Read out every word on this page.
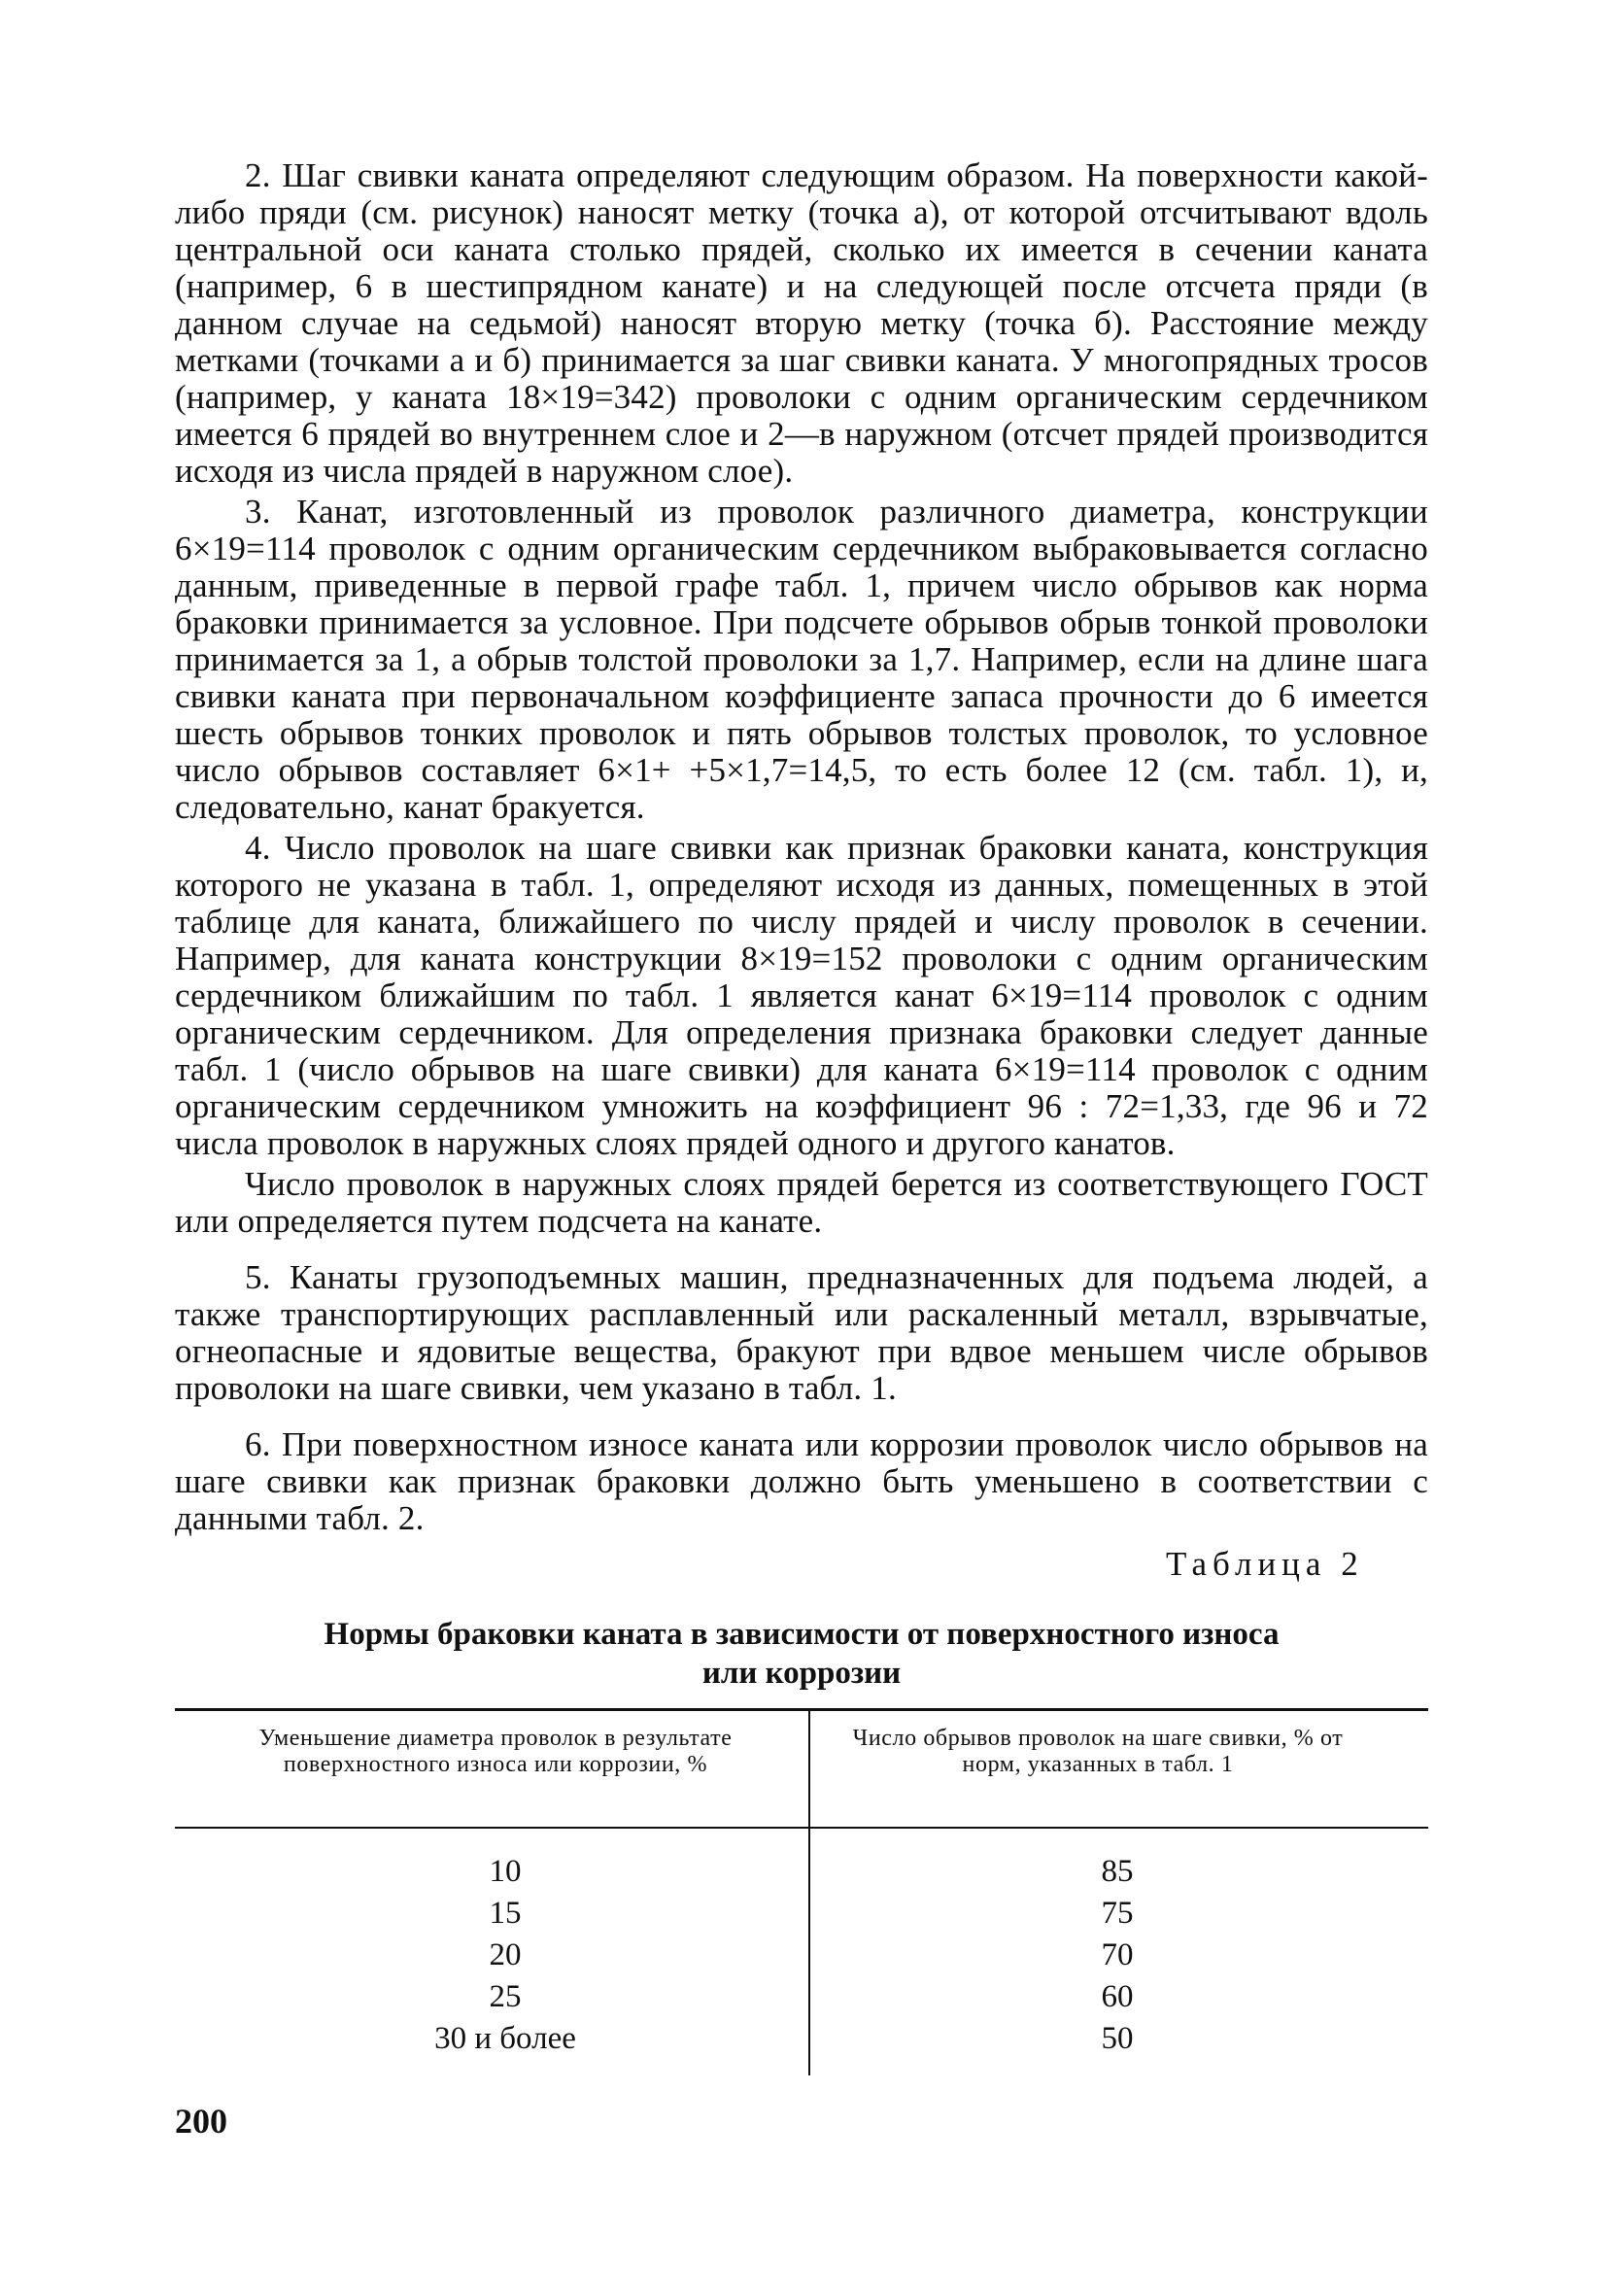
2. Шаг свивки каната определяют следующим образом. На поверхности какой-либо пряди (см. рисунок) наносят метку (точка а), от которой отсчитывают вдоль центральной оси каната столько прядей, сколько их имеется в сечении каната (например, 6 в шестипрядном канате) и на следующей после отсчета пряди (в данном случае на седьмой) наносят вторую метку (точка б). Расстояние между метками (точками а и б) принимается за шаг свивки каната. У многопрядных тросов (например, у каната 18×19=342) проволоки с одним органическим сердечником имеется 6 прядей во внутреннем слое и 2—в наружном (отсчет прядей производится исходя из числа прядей в наружном слое).

3. Канат, изготовленный из проволок различного диаметра, конструкции 6×19=114 проволок с одним органическим сердечником выбраковывается согласно данным, приведенные в первой графе табл. 1, причем число обрывов как норма браковки принимается за условное. При подсчете обрывов обрыв тонкой проволоки принимается за 1, а обрыв толстой проволоки за 1,7. Например, если на длине шага свивки каната при первоначальном коэффициенте запаса прочности до 6 имеется шесть обрывов тонких проволок и пять обрывов толстых проволок, то условное число обрывов составляет 6×1+ +5×1,7=14,5, то есть более 12 (см. табл. 1), и, следовательно, канат бракуется.

4. Число проволок на шаге свивки как признак браковки каната, конструкция которого не указана в табл. 1, определяют исходя из данных, помещенных в этой таблице для каната, ближайшего по числу прядей и числу проволок в сечении. Например, для каната конструкции 8×19=152 проволоки с одним органическим сердечником ближайшим по табл. 1 является канат 6×19=114 проволок с одним органическим сердечником. Для определения признака браковки следует данные табл. 1 (число обрывов на шаге свивки) для каната 6×19=114 проволок с одним органическим сердечником умножить на коэффициент 96 : 72=1,33, где 96 и 72 числа проволок в наружных слоях прядей одного и другого канатов.

Число проволок в наружных слоях прядей берется из соответствующего ГОСТ или определяется путем подсчета на канате.

5. Канаты грузоподъемных машин, предназначенных для подъема людей, а также транспортирующих расплавленный или раскаленный металл, взрывчатые, огнеопасные и ядовитые вещества, бракуют при вдвое меньшем числе обрывов проволоки на шаге свивки, чем указано в табл. 1.

6. При поверхностном износе каната или коррозии проволок число обрывов на шаге свивки как признак браковки должно быть уменьшено в соответствии с данными табл. 2.

Таблица 2
Нормы браковки каната в зависимости от поверхностного износа
или коррозии
Уменьшение диаметра проволок в результате поверхностного износа или коррозии, %
Число обрывов проволок на шаге свивки, % от норм, указанных в табл. 1
10
15
20
25
30 и более
85
75
70
60
50
200
